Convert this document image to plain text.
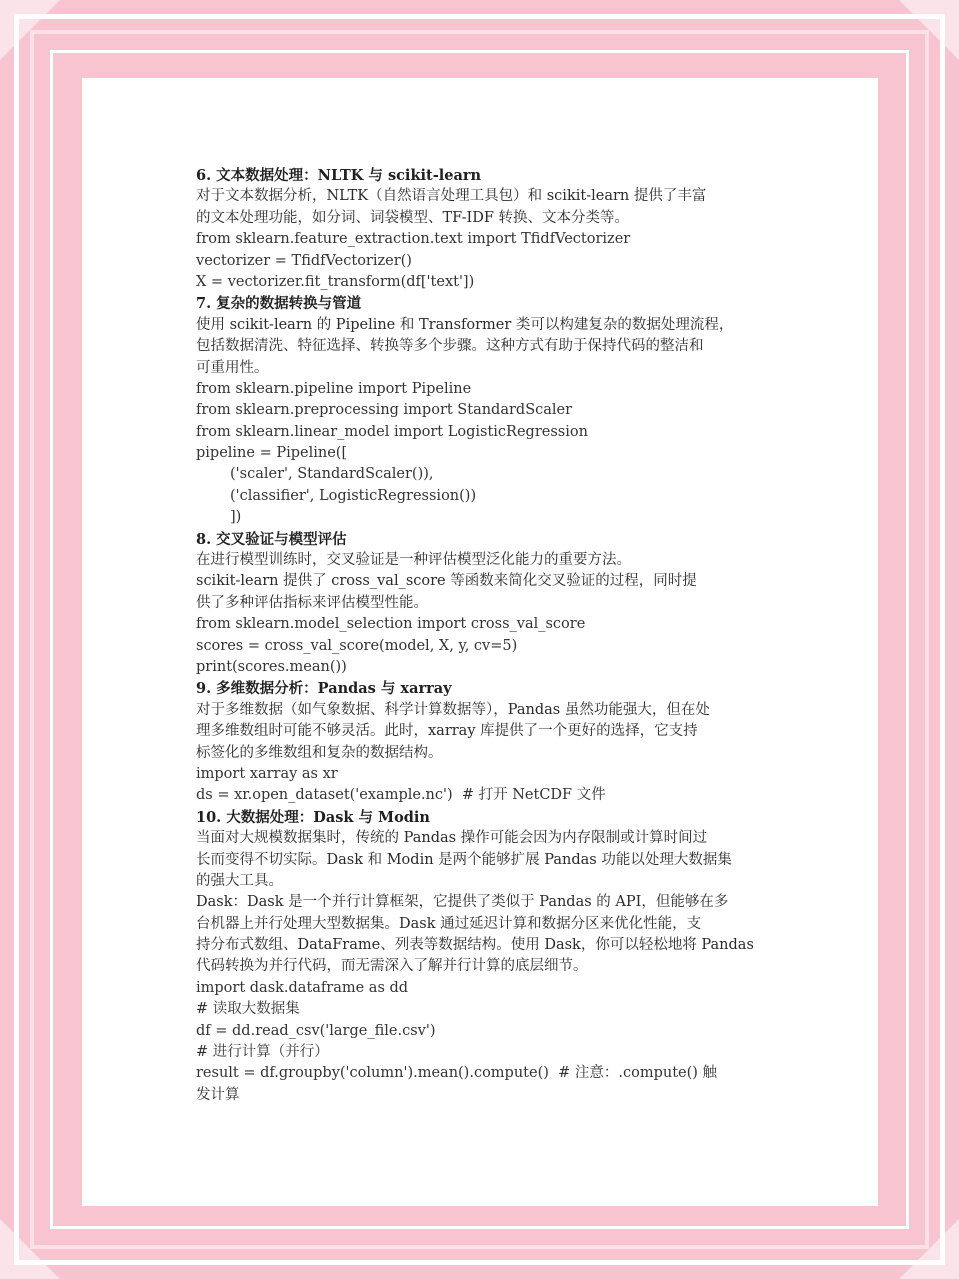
6. 文本数据处理：NLTK 与 scikit-learn
对于文本数据分析，NLTK（自然语言处理工具包）和 scikit-learn 提供了丰富
的文本处理功能，如分词、词袋模型、TF-IDF 转换、文本分类等。
from sklearn.feature_extraction.text import TfidfVectorizer
vectorizer = TfidfVectorizer()
X = vectorizer.fit_transform(df['text'])
7. 复杂的数据转换与管道
使用 scikit-learn 的 Pipeline 和 Transformer 类可以构建复杂的数据处理流程，
包括数据清洗、特征选择、转换等多个步骤。这种方式有助于保持代码的整洁和
可重用性。
from sklearn.pipeline import Pipeline
from sklearn.preprocessing import StandardScaler
from sklearn.linear_model import LogisticRegression
pipeline = Pipeline([
('scaler', StandardScaler()),
('classifier', LogisticRegression())
])
8. 交叉验证与模型评估
在进行模型训练时，交叉验证是一种评估模型泛化能力的重要方法。
scikit-learn 提供了 cross_val_score 等函数来简化交叉验证的过程，同时提
供了多种评估指标来评估模型性能。
from sklearn.model_selection import cross_val_score
scores = cross_val_score(model, X, y, cv=5)
print(scores.mean())
9. 多维数据分析：Pandas 与 xarray
对于多维数据（如气象数据、科学计算数据等），Pandas 虽然功能强大，但在处
理多维数组时可能不够灵活。此时，xarray 库提供了一个更好的选择，它支持
标签化的多维数组和复杂的数据结构。
import xarray as xr
ds = xr.open_dataset('example.nc')  # 打开 NetCDF 文件
10. 大数据处理：Dask 与 Modin
当面对大规模数据集时，传统的 Pandas 操作可能会因为内存限制或计算时间过
长而变得不切实际。Dask 和 Modin 是两个能够扩展 Pandas 功能以处理大数据集
的强大工具。
Dask：Dask 是一个并行计算框架，它提供了类似于 Pandas 的 API，但能够在多
台机器上并行处理大型数据集。Dask 通过延迟计算和数据分区来优化性能，支
持分布式数组、DataFrame、列表等数据结构。使用 Dask，你可以轻松地将 Pandas
代码转换为并行代码，而无需深入了解并行计算的底层细节。
import dask.dataframe as dd
# 读取大数据集
df = dd.read_csv('large_file.csv')
# 进行计算（并行）
result = df.groupby('column').mean().compute()  # 注意：.compute() 触
发计算
